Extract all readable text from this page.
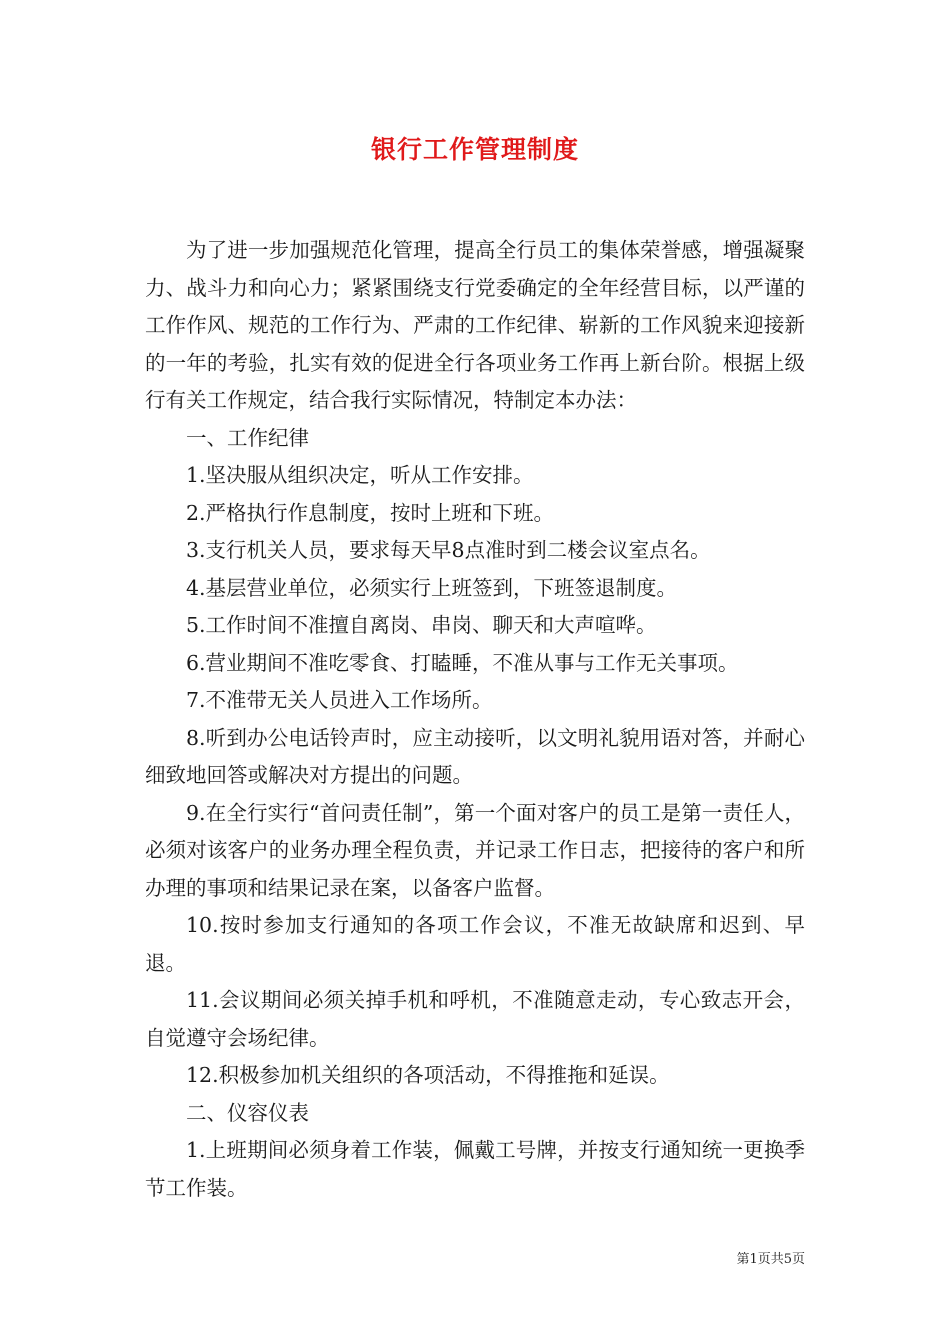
银行工作管理制度

为了进一步加强规范化管理，提高全行员工的集体荣誉感，增强凝聚力、战斗力和向心力；紧紧围绕支行党委确定的全年经营目标，以严谨的工作作风、规范的工作行为、严肃的工作纪律、崭新的工作风貌来迎接新的一年的考验，扎实有效的促进全行各项业务工作再上新台阶。根据上级行有关工作规定，结合我行实际情况，特制定本办法：

一、工作纪律

1.坚决服从组织决定，听从工作安排。

2.严格执行作息制度，按时上班和下班。

3.支行机关人员，要求每天早8点准时到二楼会议室点名。

4.基层营业单位，必须实行上班签到，下班签退制度。

5.工作时间不准擅自离岗、串岗、聊天和大声喧哗。

6.营业期间不准吃零食、打瞌睡，不准从事与工作无关事项。

7.不准带无关人员进入工作场所。

8.听到办公电话铃声时，应主动接听，以文明礼貌用语对答，并耐心细致地回答或解决对方提出的问题。

9.在全行实行“首问责任制”，第一个面对客户的员工是第一责任人，必须对该客户的业务办理全程负责，并记录工作日志，把接待的客户和所办理的事项和结果记录在案，以备客户监督。

10.按时参加支行通知的各项工作会议，不准无故缺席和迟到、早退。

11.会议期间必须关掉手机和呼机，不准随意走动，专心致志开会，自觉遵守会场纪律。

12.积极参加机关组织的各项活动，不得推拖和延误。

二、仪容仪表

1.上班期间必须身着工作装，佩戴工号牌，并按支行通知统一更换季节工作装。

第1页共5页
